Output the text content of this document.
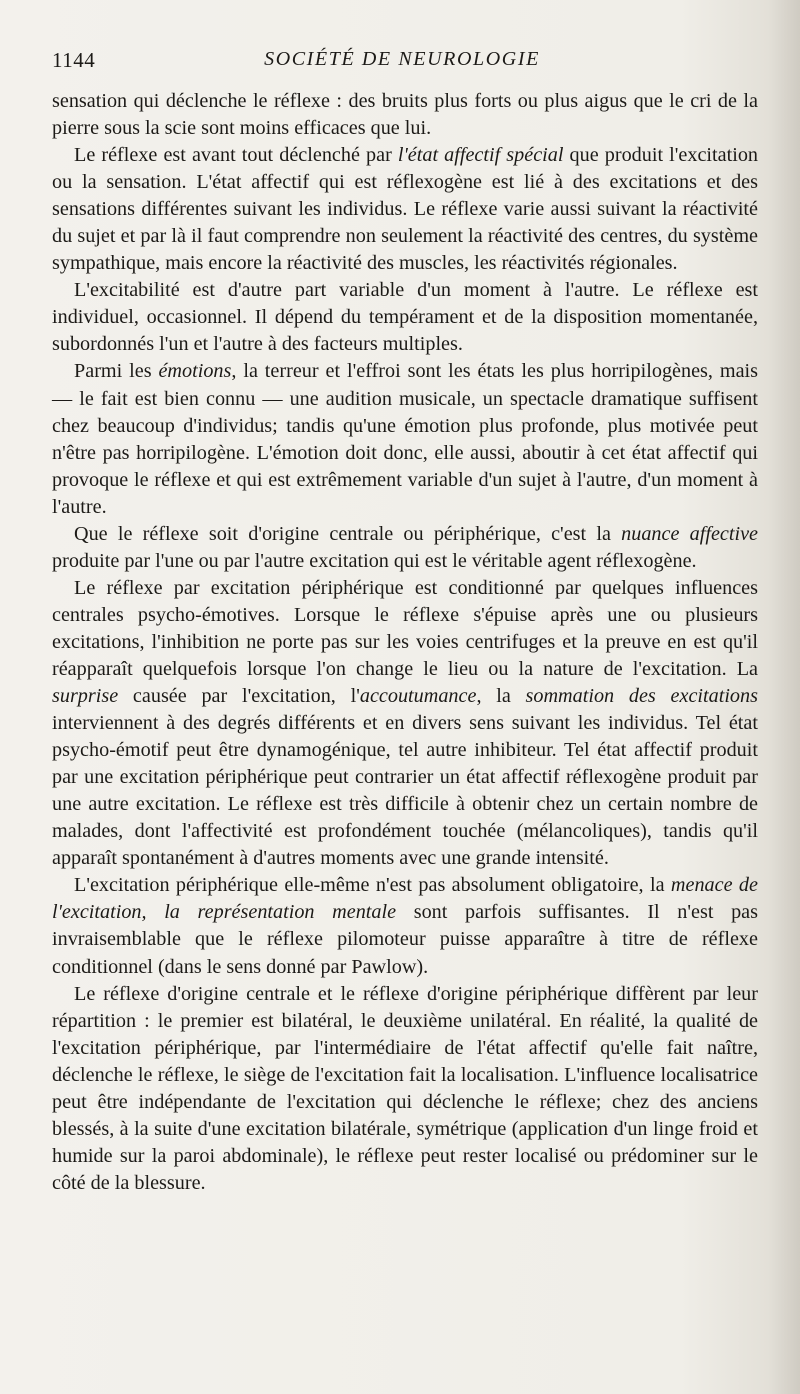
1144	SOCIÉTÉ DE NEUROLOGIE

sensation qui déclenche le réflexe : des bruits plus forts ou plus aigus que le cri de la pierre sous la scie sont moins efficaces que lui.

Le réflexe est avant tout déclenché par l'état affectif spécial que produit l'excitation ou la sensation. L'état affectif qui est réflexogène est lié à des excitations et des sensations différentes suivant les individus. Le réflexe varie aussi suivant la réactivité du sujet et par là il faut comprendre non seulement la réactivité des centres, du système sympathique, mais encore la réactivité des muscles, les réactivités régionales.

L'excitabilité est d'autre part variable d'un moment à l'autre. Le réflexe est individuel, occasionnel. Il dépend du tempérament et de la disposition momentanée, subordonnés l'un et l'autre à des facteurs multiples.

Parmi les émotions, la terreur et l'effroi sont les états les plus horripilogènes, mais — le fait est bien connu — une audition musicale, un spectacle dramatique suffisent chez beaucoup d'individus; tandis qu'une émotion plus profonde, plus motivée peut n'être pas horripilogène. L'émotion doit donc, elle aussi, aboutir à cet état affectif qui provoque le réflexe et qui est extrêmement variable d'un sujet à l'autre, d'un moment à l'autre.

Que le réflexe soit d'origine centrale ou périphérique, c'est la nuance affective produite par l'une ou par l'autre excitation qui est le véritable agent réflexogène.

Le réflexe par excitation périphérique est conditionné par quelques influences centrales psycho-émotives. Lorsque le réflexe s'épuise après une ou plusieurs excitations, l'inhibition ne porte pas sur les voies centrifuges et la preuve en est qu'il réapparaît quelquefois lorsque l'on change le lieu ou la nature de l'excitation. La surprise causée par l'excitation, l'accoutumance, la sommation des excitations interviennent à des degrés différents et en divers sens suivant les individus. Tel état psycho-émotif peut être dynamogénique, tel autre inhibiteur. Tel état affectif produit par une excitation périphérique peut contrarier un état affectif réflexogène produit par une autre excitation. Le réflexe est très difficile à obtenir chez un certain nombre de malades, dont l'affectivité est profondément touchée (mélancoliques), tandis qu'il apparaît spontanément à d'autres moments avec une grande intensité.

L'excitation périphérique elle-même n'est pas absolument obligatoire, la menace de l'excitation, la représentation mentale sont parfois suffisantes. Il n'est pas invraisemblable que le réflexe pilomoteur puisse apparaître à titre de réflexe conditionnel (dans le sens donné par Pawlow).

Le réflexe d'origine centrale et le réflexe d'origine périphérique diffèrent par leur répartition : le premier est bilatéral, le deuxième unilatéral. En réalité, la qualité de l'excitation périphérique, par l'intermédiaire de l'état affectif qu'elle fait naître, déclenche le réflexe, le siège de l'excitation fait la localisation. L'influence localisatrice peut être indépendante de l'excitation qui déclenche le réflexe; chez des anciens blessés, à la suite d'une excitation bilatérale, symétrique (application d'un linge froid et humide sur la paroi abdominale), le réflexe peut rester localisé ou prédominer sur le côté de la blessure.
